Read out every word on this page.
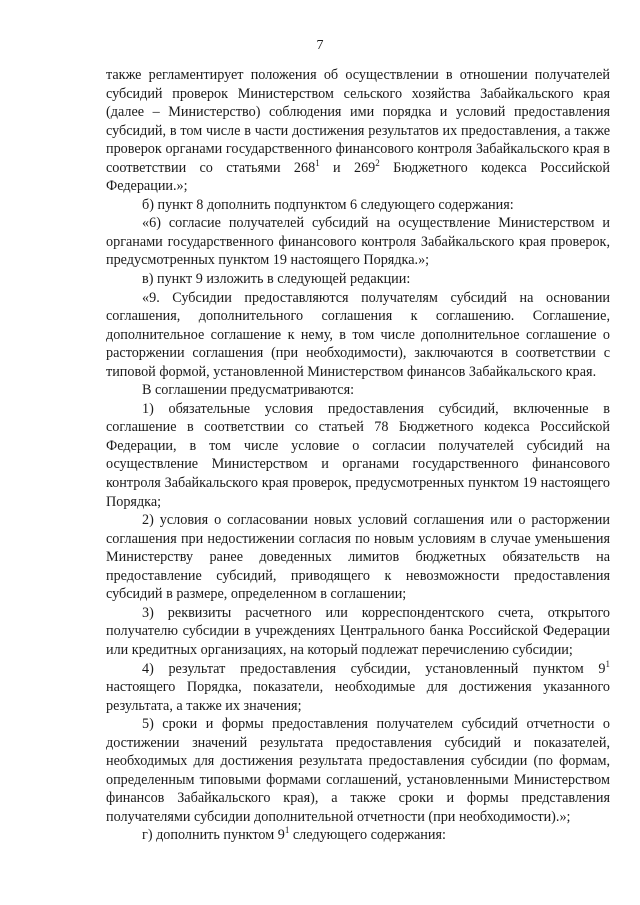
7

также регламентирует положения об осуществлении в отношении получателей субсидий проверок Министерством сельского хозяйства Забайкальского края (далее – Министерство) соблюдения ими порядка и условий предоставления субсидий, в том числе в части достижения результатов их предоставления, а также проверок органами государственного финансового контроля Забайкальского края в соответствии со статьями $268^1$ и $269^2$ Бюджетного кодекса Российской Федерации.»;

б) пункт 8 дополнить подпунктом 6 следующего содержания:

«6) согласие получателей субсидий на осуществление Министерством и органами государственного финансового контроля Забайкальского края проверок, предусмотренных пунктом 19 настоящего Порядка.»;

в) пункт 9 изложить в следующей редакции:

«9. Субсидии предоставляются получателям субсидий на основании соглашения, дополнительного соглашения к соглашению. Соглашение, дополнительное соглашение к нему, в том числе дополнительное соглашение о расторжении соглашения (при необходимости), заключаются в соответствии с типовой формой, установленной Министерством финансов Забайкальского края.

В соглашении предусматриваются:

1) обязательные условия предоставления субсидий, включенные в соглашение в соответствии со статьей 78 Бюджетного кодекса Российской Федерации, в том числе условие о согласии получателей субсидий на осуществление Министерством и органами государственного финансового контроля Забайкальского края проверок, предусмотренных пунктом 19 настоящего Порядка;

2) условия о согласовании новых условий соглашения или о расторжении соглашения при недостижении согласия по новым условиям в случае уменьшения Министерству ранее доведенных лимитов бюджетных обязательств на предоставление субсидий, приводящего к невозможности предоставления субсидий в размере, определенном в соглашении;

3) реквизиты расчетного или корреспондентского счета, открытого получателю субсидии в учреждениях Центрального банка Российской Федерации или кредитных организациях, на который подлежат перечислению субсидии;

4) результат предоставления субсидии, установленный пунктом $9^1$ настоящего Порядка, показатели, необходимые для достижения указанного результата, а также их значения;

5) сроки и формы предоставления получателем субсидий отчетности о достижении значений результата предоставления субсидий и показателей, необходимых для достижения результата предоставления субсидии (по формам, определенным типовыми формами соглашений, установленными Министерством финансов Забайкальского края), а также сроки и формы представления получателями субсидии дополнительной отчетности (при необходимости).»;

г) дополнить пунктом $9^1$ следующего содержания:
